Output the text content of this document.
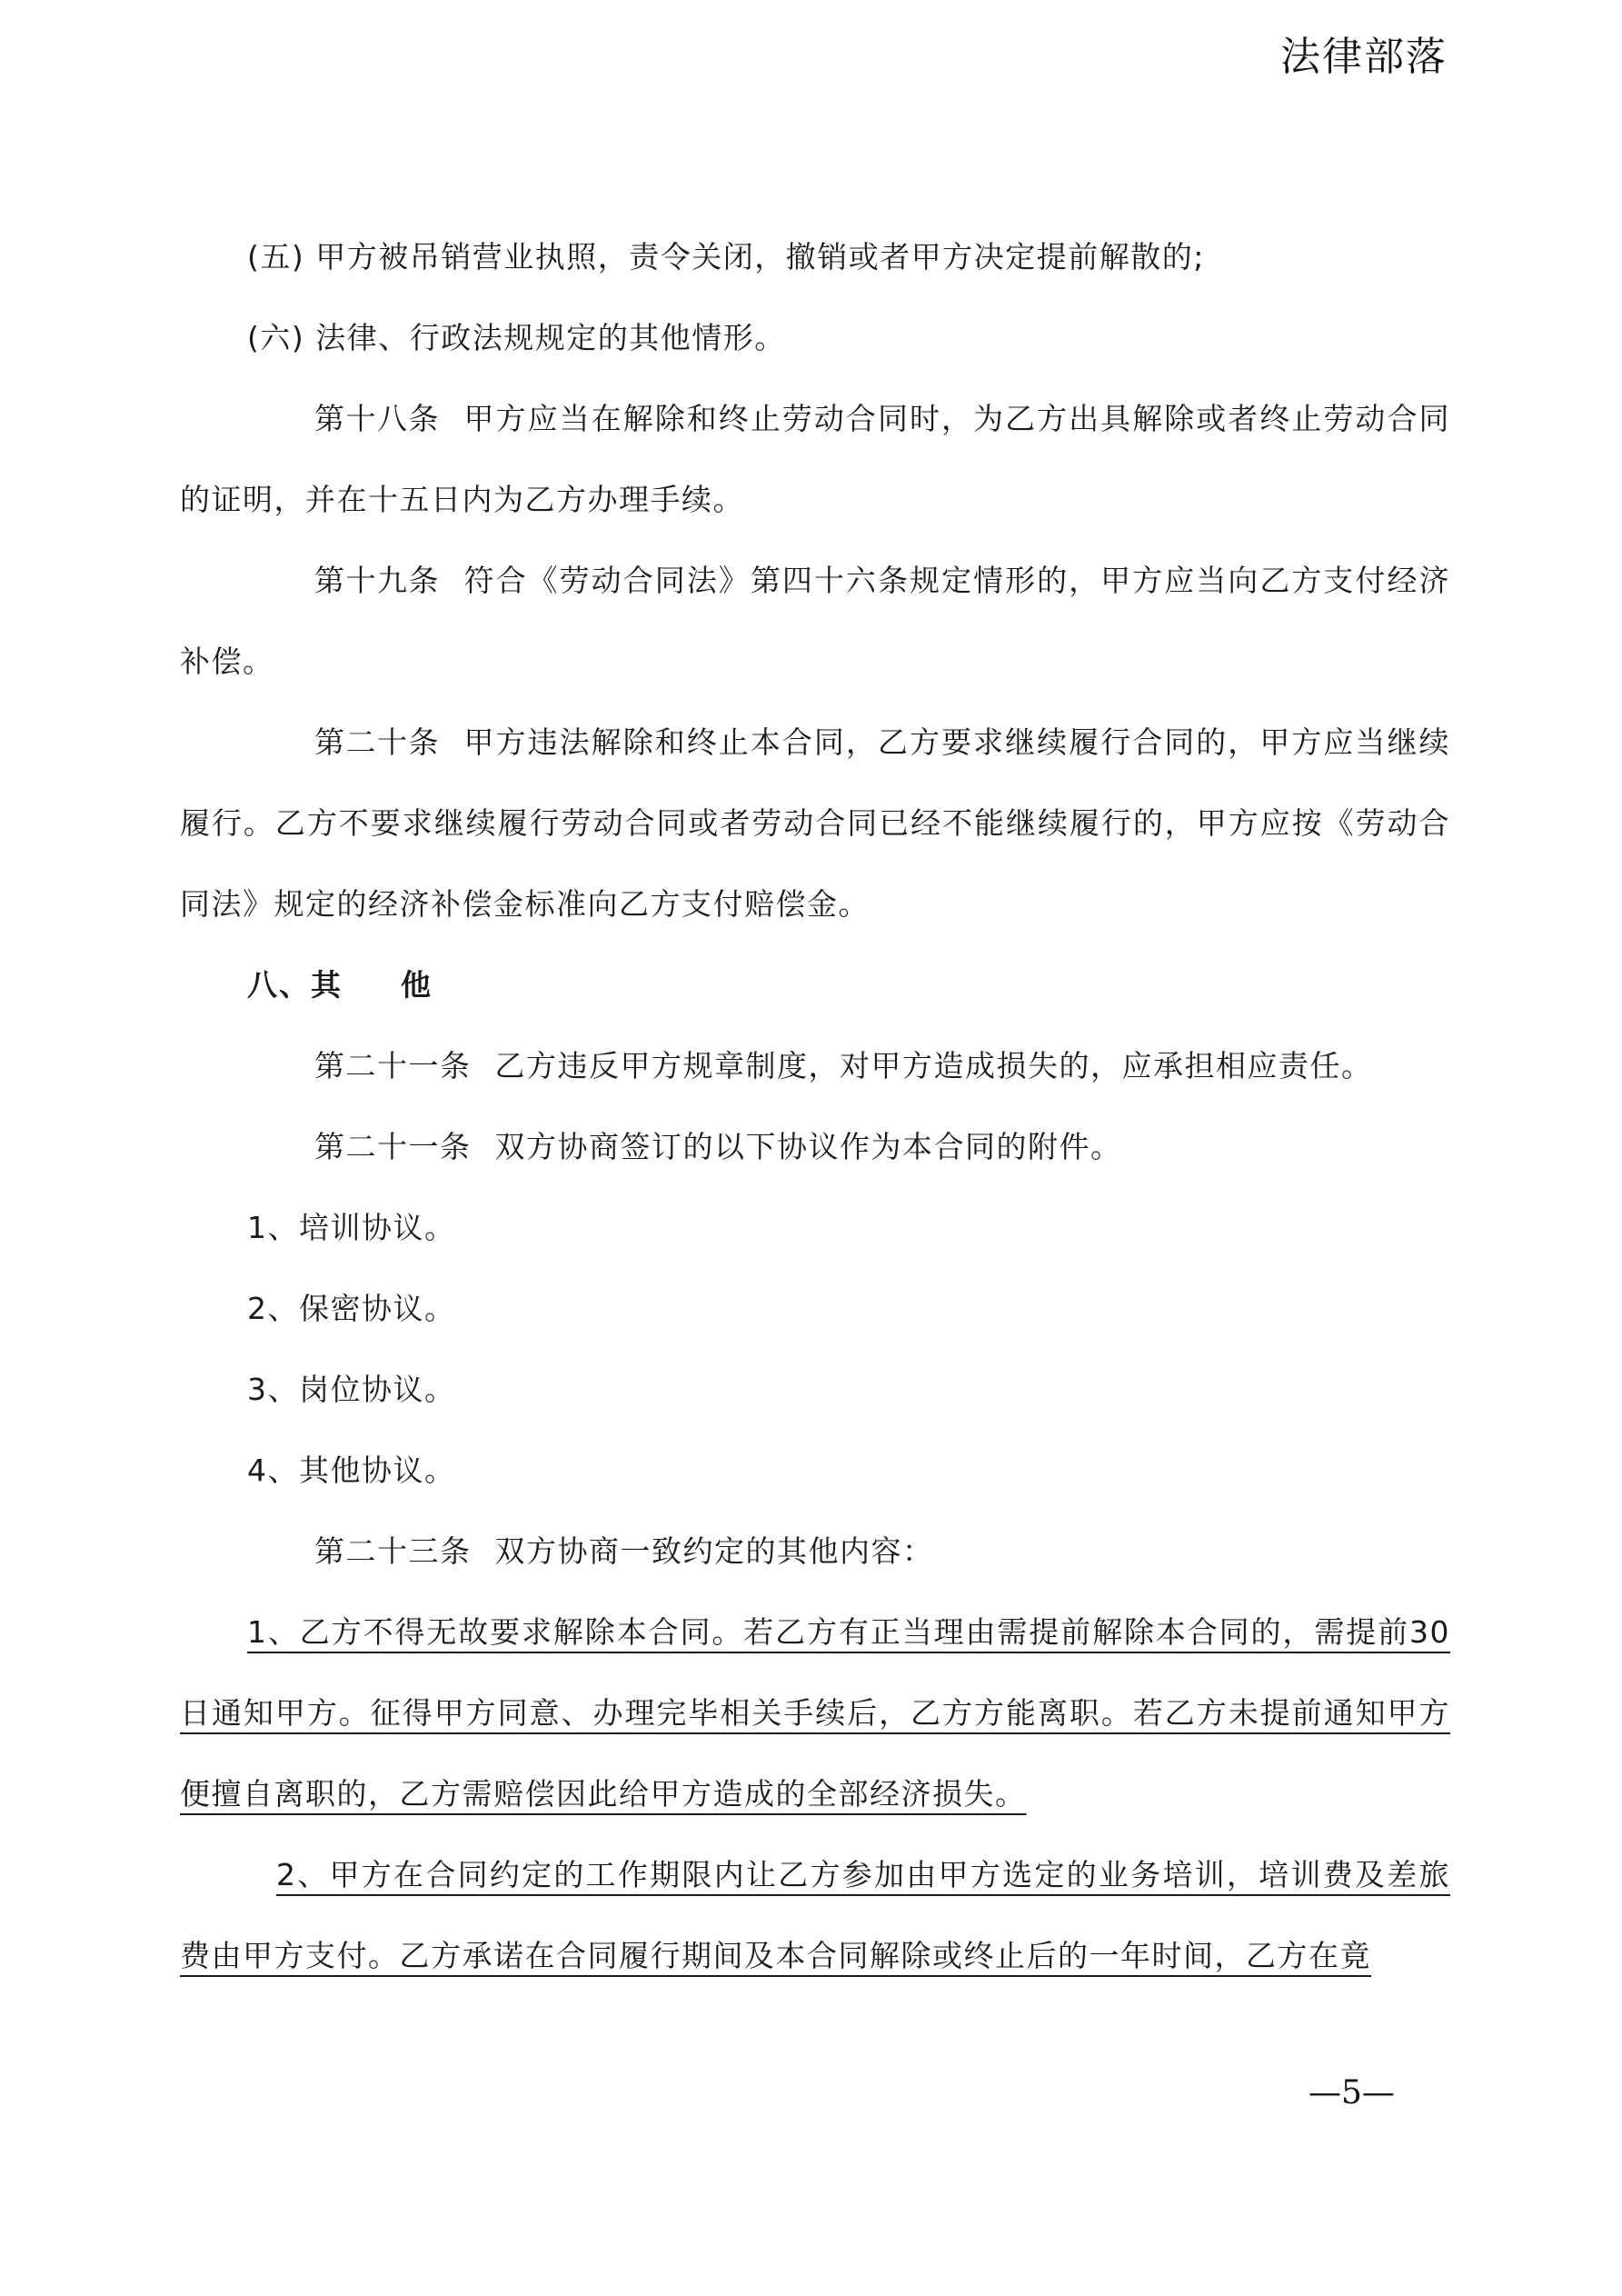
法律部落

(五) 甲方被吊销营业执照，责令关闭，撤销或者甲方决定提前解散的;

(六) 法律、行政法规规定的其他情形。

第十八条 甲方应当在解除和终止劳动合同时，为乙方出具解除或者终止劳动合同的证明，并在十五日内为乙方办理手续。

第十九条 符合《劳动合同法》第四十六条规定情形的，甲方应当向乙方支付经济补偿。

第二十条 甲方违法解除和终止本合同，乙方要求继续履行合同的，甲方应当继续履行。乙方不要求继续履行劳动合同或者劳动合同已经不能继续履行的，甲方应按《劳动合同法》规定的经济补偿金标准向乙方支付赔偿金。

八、其 他

第二十一条 乙方违反甲方规章制度，对甲方造成损失的，应承担相应责任。

第二十一条 双方协商签订的以下协议作为本合同的附件。

1、培训协议。

2、保密协议。

3、岗位协议。

4、其他协议。

第二十三条 双方协商一致约定的其他内容：

1、乙方不得无故要求解除本合同。若乙方有正当理由需提前解除本合同的，需提前30日通知甲方。征得甲方同意、办理完毕相关手续后，乙方方能离职。若乙方未提前通知甲方便擅自离职的，乙方需赔偿因此给甲方造成的全部经济损失。

2、甲方在合同约定的工作期限内让乙方参加由甲方选定的业务培训，培训费及差旅费由甲方支付。乙方承诺在合同履行期间及本合同解除或终止后的一年时间，乙方在竟

—5—
